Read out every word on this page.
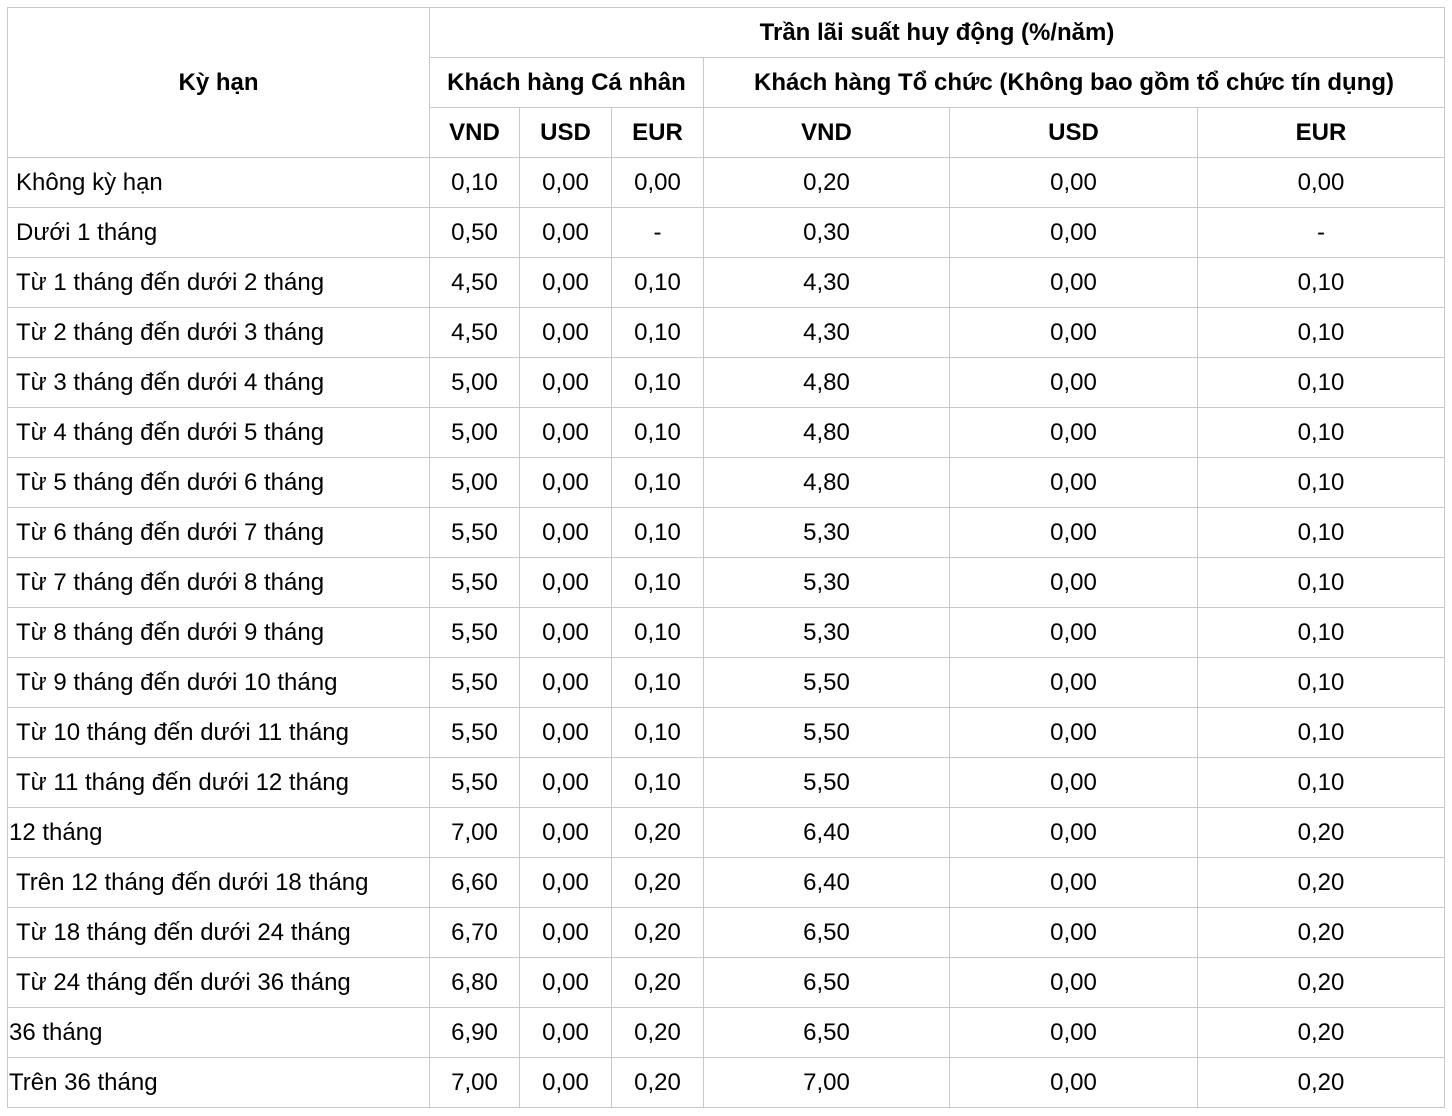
Kỳ hạn	Trần lãi suất huy động (%/năm)					
	Khách hàng Cá nhân			Khách hàng Tổ chức (Không bao gồm tổ chức tín dụng)		
	VND	USD	EUR	VND	USD	EUR
Không kỳ hạn	0,10	0,00	0,00	0,20	0,00	0,00
Dưới 1 tháng	0,50	0,00	-	0,30	0,00	-
Từ 1 tháng đến dưới 2 tháng	4,50	0,00	0,10	4,30	0,00	0,10
Từ 2 tháng đến dưới 3 tháng	4,50	0,00	0,10	4,30	0,00	0,10
Từ 3 tháng đến dưới 4 tháng	5,00	0,00	0,10	4,80	0,00	0,10
Từ 4 tháng đến dưới 5 tháng	5,00	0,00	0,10	4,80	0,00	0,10
Từ 5 tháng đến dưới 6 tháng	5,00	0,00	0,10	4,80	0,00	0,10
Từ 6 tháng đến dưới 7 tháng	5,50	0,00	0,10	5,30	0,00	0,10
Từ 7 tháng đến dưới 8 tháng	5,50	0,00	0,10	5,30	0,00	0,10
Từ 8 tháng đến dưới 9 tháng	5,50	0,00	0,10	5,30	0,00	0,10
Từ 9 tháng đến dưới 10 tháng	5,50	0,00	0,10	5,50	0,00	0,10
Từ 10 tháng đến dưới 11 tháng	5,50	0,00	0,10	5,50	0,00	0,10
Từ 11 tháng đến dưới 12 tháng	5,50	0,00	0,10	5,50	0,00	0,10
12 tháng	7,00	0,00	0,20	6,40	0,00	0,20
Trên 12 tháng đến dưới 18 tháng	6,60	0,00	0,20	6,40	0,00	0,20
Từ 18 tháng đến dưới 24 tháng	6,70	0,00	0,20	6,50	0,00	0,20
Từ 24 tháng đến dưới 36 tháng	6,80	0,00	0,20	6,50	0,00	0,20
36 tháng	6,90	0,00	0,20	6,50	0,00	0,20
Trên 36 tháng	7,00	0,00	0,20	7,00	0,00	0,20
